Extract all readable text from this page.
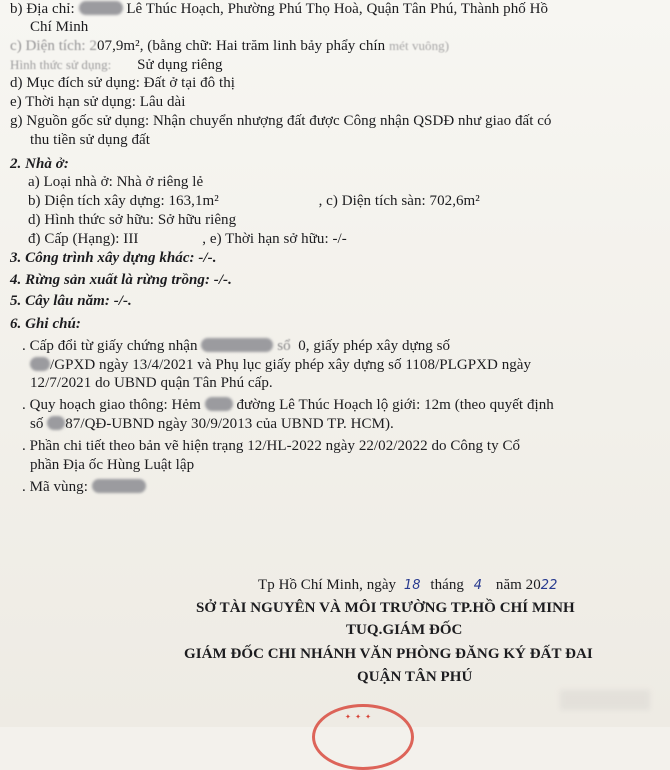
b) Địa chỉ:	Lê Thúc Hoạch, Phường Phú Thọ Hoà, Quận Tân Phú, Thành phố Hồ
Chí Minh
c) Diện tích: 207,9m², (bằng chữ: Hai trăm linh bảy phẩy chín mét vuông)
Hình thức sử dụng: Sử dụng riêng
d) Mục đích sử dụng: Đất ở tại đô thị
e) Thời hạn sử dụng: Lâu dài
g) Nguồn gốc sử dụng: Nhận chuyển nhượng đất được Công nhận QSDĐ như giao đất có
thu tiền sử dụng đất
2. Nhà ở:
a) Loại nhà ở: Nhà ở riêng lẻ
b) Diện tích xây dựng: 163,1m²	, c) Diện tích sàn: 702,6m²
d) Hình thức sở hữu: Sở hữu riêng
đ) Cấp (Hạng): III	, e) Thời hạn sở hữu: -/-
3. Công trình xây dựng khác: -/-.
4. Rừng sản xuất là rừng trồng: -/-.
5. Cây lâu năm: -/-.
6. Ghi chú:
. Cấp đổi từ giấy chứng nhận	sổ 0, giấy phép xây dựng số
/GPXD ngày 13/4/2021 và Phụ lục giấy phép xây dựng số 1108/PLGPXD ngày
12/7/2021 do UBND quận Tân Phú cấp.
. Quy hoạch giao thông: Hẻm đường Lê Thúc Hoạch lộ giới: 12m (theo quyết định
số 87/QĐ-UBND ngày 30/9/2013 của UBND TP. HCM).
. Phần chi tiết theo bản vẽ hiện trạng 12/HL-2022 ngày 22/02/2022 do Công ty Cổ
phần Địa ốc Hùng Luật lập
. Mã vùng:
Tp Hồ Chí Minh, ngày 18 tháng 4 năm 2022
SỞ TÀI NGUYÊN VÀ MÔI TRƯỜNG TP.HỒ CHÍ MINH
TUQ.GIÁM ĐỐC
GIÁM ĐỐC CHI NHÁNH VĂN PHÒNG ĐĂNG KÝ ĐẤT ĐAI
QUẬN TÂN PHÚ
✦ ✦ ✦
